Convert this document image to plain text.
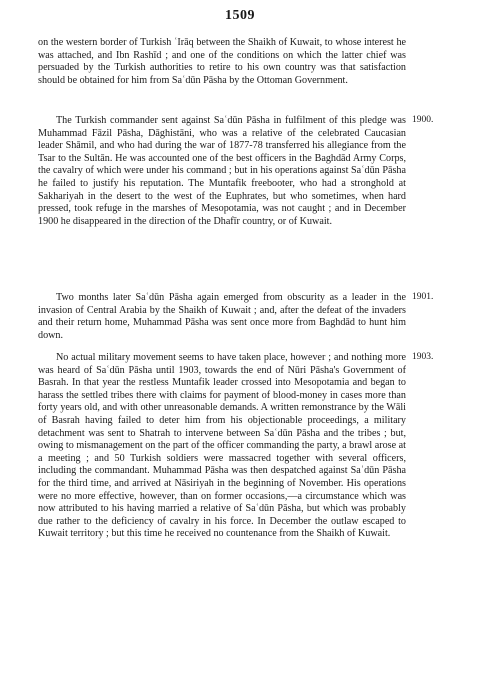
1509

on the western border of Turkish ʿIrāq between the Shaikh of Kuwait, to whose interest he was attached, and Ibn Rashīd ; and one of the conditions on which the latter chief was persuaded by the Turkish authorities to retire to his own country was that satisfaction should be obtained for him from Saʿdūn Pāsha by the Ottoman Government.

The Turkish commander sent against Saʿdūn Pāsha in fulfilment of this pledge was Muhammad Fāzil Pāsha, Dāghistāni, who was a relative of the celebrated Caucasian leader Shāmil, and who had during the war of 1877-78 transferred his allegiance from the Tsar to the Sultān. He was accounted one of the best officers in the Baghdād Army Corps, the cavalry of which were under his command ; but in his operations against Saʿdūn Pāsha he failed to justify his reputation. The Muntafik freebooter, who had a stronghold at Sakhariyah in the desert to the west of the Euphrates, but who sometimes, when hard pressed, took refuge in the marshes of Mesopotamia, was not caught ; and in December 1900 he disappeared in the direction of the Dhafīr country, or of Kuwait.

1900.

Two months later Saʿdūn Pāsha again emerged from obscurity as a leader in the invasion of Central Arabia by the Shaikh of Kuwait ; and, after the defeat of the invaders and their return home, Muhammad Pāsha was sent once more from Baghdād to hunt him down.

1901.

No actual military movement seems to have taken place, however ; and nothing more was heard of Saʿdūn Pāsha until 1903, towards the end of Nūri Pāsha's Government of Basrah. In that year the restless Muntafik leader crossed into Mesopotamia and began to harass the settled tribes there with claims for payment of blood-money in cases more than forty years old, and with other unreasonable demands. A written remonstrance by the Wāli of Basrah having failed to deter him from his objectionable proceedings, a military detachment was sent to Shatrah to intervene between Saʿdūn Pāsha and the tribes ; but, owing to mismanagement on the part of the officer commanding the party, a brawl arose at a meeting ; and 50 Turkish soldiers were massacred together with several officers, including the commandant. Muhammad Pāsha was then despatched against Saʿdūn Pāsha for the third time, and arrived at Nāsiriyah in the beginning of November. His operations were no more effective, however, than on former occasions,—a circumstance which was now attributed to his having married a relative of Saʿdūn Pāsha, but which was probably due rather to the deficiency of cavalry in his force. In December the outlaw escaped to Kuwait territory ; but this time he received no countenance from the Shaikh of Kuwait.

1903.
